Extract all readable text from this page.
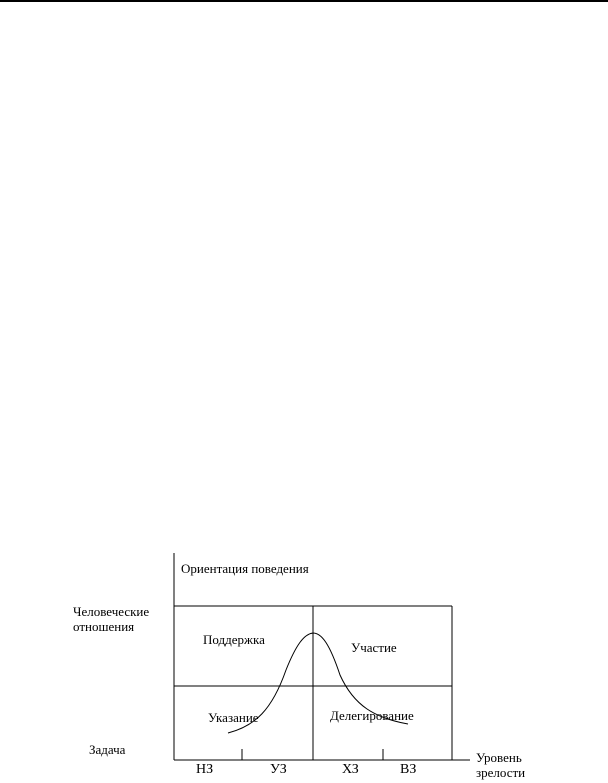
Ориентация поведения
Человеческие отношения
Задача
Поддержка
Участие
Указание	Делегирование
НЗ	УЗ	ХЗ	ВЗ
Уровень зрелости
